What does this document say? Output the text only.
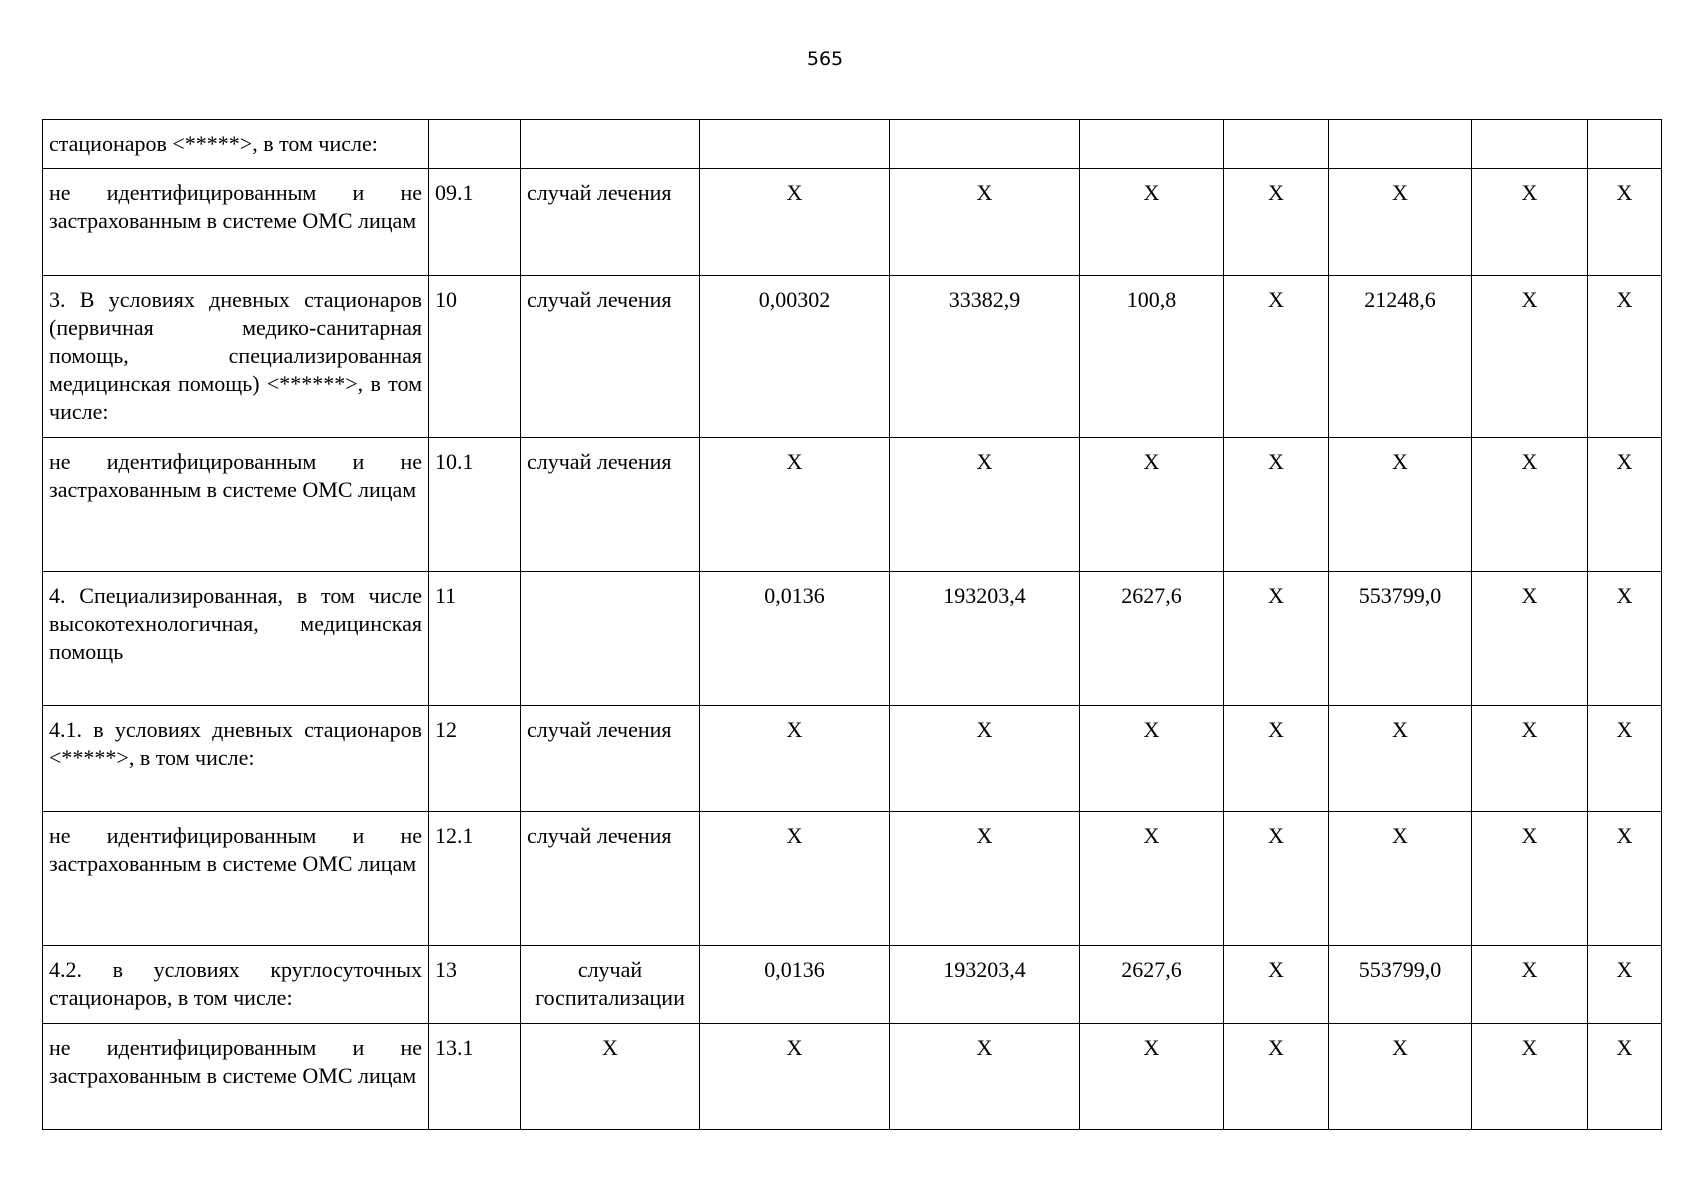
565
стационаров <*****>, в том числе:									
не идентифицированным и не застрахованным в системе ОМС лицам	09.1	случай лечения	Х	Х	Х	Х	Х	Х	Х
3. В условиях дневных стационаров (первичная медико-санитарная помощь, специализированная медицинская помощь) <******>, в том числе:	10	случай лечения	0,00302	33382,9	100,8	Х	21248,6	Х	Х
не идентифицированным и не застрахованным в системе ОМС лицам	10.1	случай лечения	Х	Х	Х	Х	Х	Х	Х
4. Специализированная, в том числе высокотехнологичная, медицинская помощь	11		0,0136	193203,4	2627,6	Х	553799,0	Х	Х
4.1. в условиях дневных стационаров <*****>, в том числе:	12	случай лечения	Х	Х	Х	Х	Х	Х	Х
не идентифицированным и не застрахованным в системе ОМС лицам	12.1	случай лечения	Х	Х	Х	Х	Х	Х	Х
4.2. в условиях круглосуточных стационаров, в том числе:	13	случай госпитализации	0,0136	193203,4	2627,6	Х	553799,0	Х	Х
не идентифицированным и не застрахованным в системе ОМС лицам	13.1	Х	Х	Х	Х	Х	Х	Х	Х
